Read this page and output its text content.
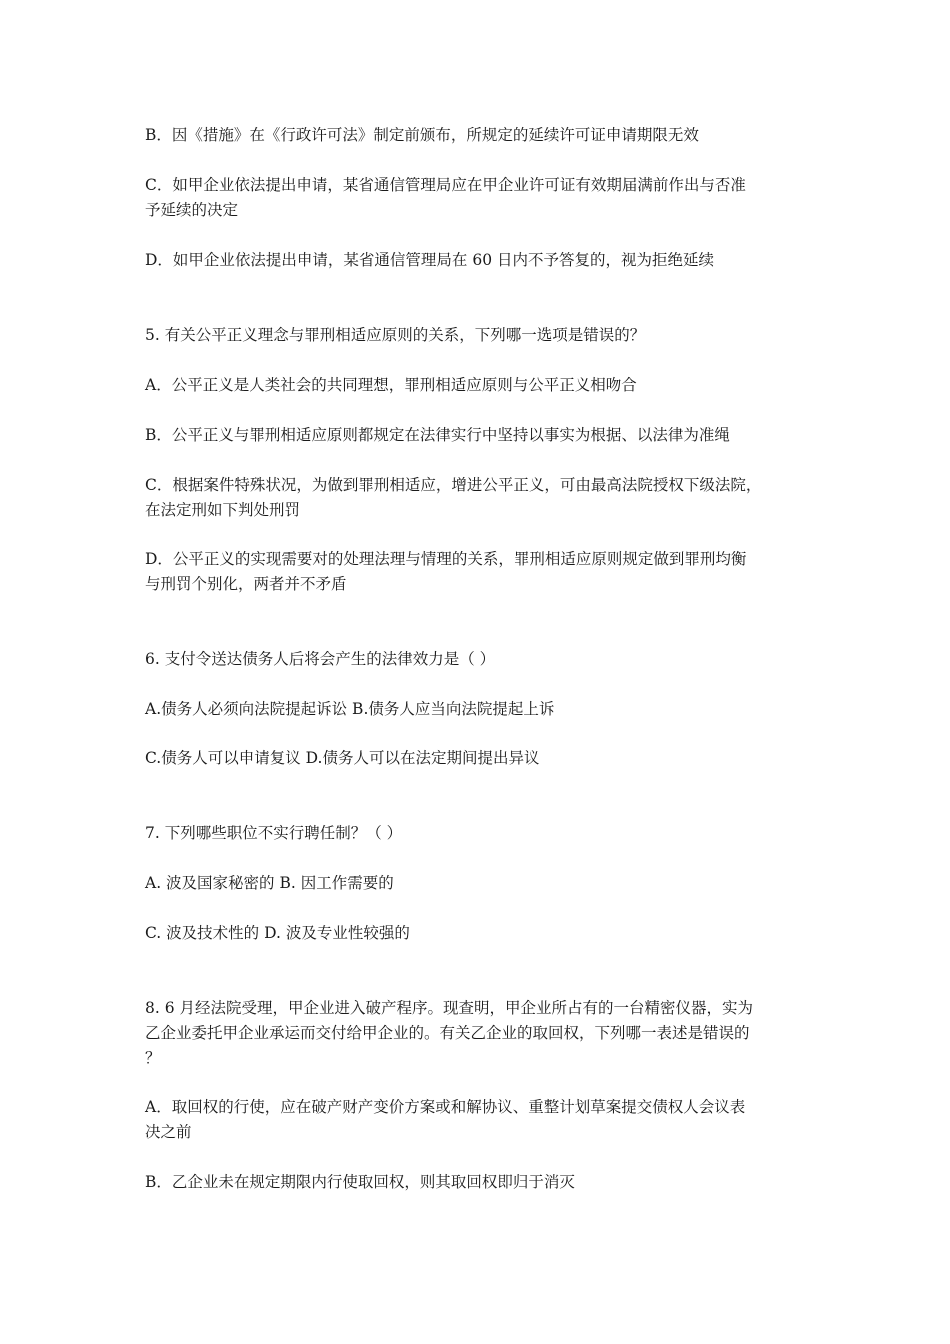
B．因《措施》在《行政许可法》制定前颁布，所规定的延续许可证申请期限无效

C．如甲企业依法提出申请，某省通信管理局应在甲企业许可证有效期届满前作出与否准
予延续的决定

D．如甲企业依法提出申请，某省通信管理局在 60 日内不予答复的，视为拒绝延续

5. 有关公平正义理念与罪刑相适应原则的关系，下列哪一选项是错误的？

A．公平正义是人类社会的共同理想，罪刑相适应原则与公平正义相吻合

B．公平正义与罪刑相适应原则都规定在法律实行中坚持以事实为根据、以法律为准绳

C．根据案件特殊状况，为做到罪刑相适应，增进公平正义，可由最高法院授权下级法院，
在法定刑如下判处刑罚

D．公平正义的实现需要对的处理法理与情理的关系，罪刑相适应原则规定做到罪刑均衡
与刑罚个别化，两者并不矛盾

6. 支付令送达债务人后将会产生的法律效力是（ ）

A.债务人必须向法院提起诉讼 B.债务人应当向法院提起上诉

C.债务人可以申请复议 D.债务人可以在法定期间提出异议

7. 下列哪些职位不实行聘任制？（ ）

A. 波及国家秘密的 B. 因工作需要的

C. 波及技术性的 D. 波及专业性较强的

8. 6 月经法院受理，甲企业进入破产程序。现查明，甲企业所占有的一台精密仪器，实为
乙企业委托甲企业承运而交付给甲企业的。有关乙企业的取回权，下列哪一表述是错误的
？

A．取回权的行使，应在破产财产变价方案或和解协议、重整计划草案提交债权人会议表
决之前

B．乙企业未在规定期限内行使取回权，则其取回权即归于消灭
